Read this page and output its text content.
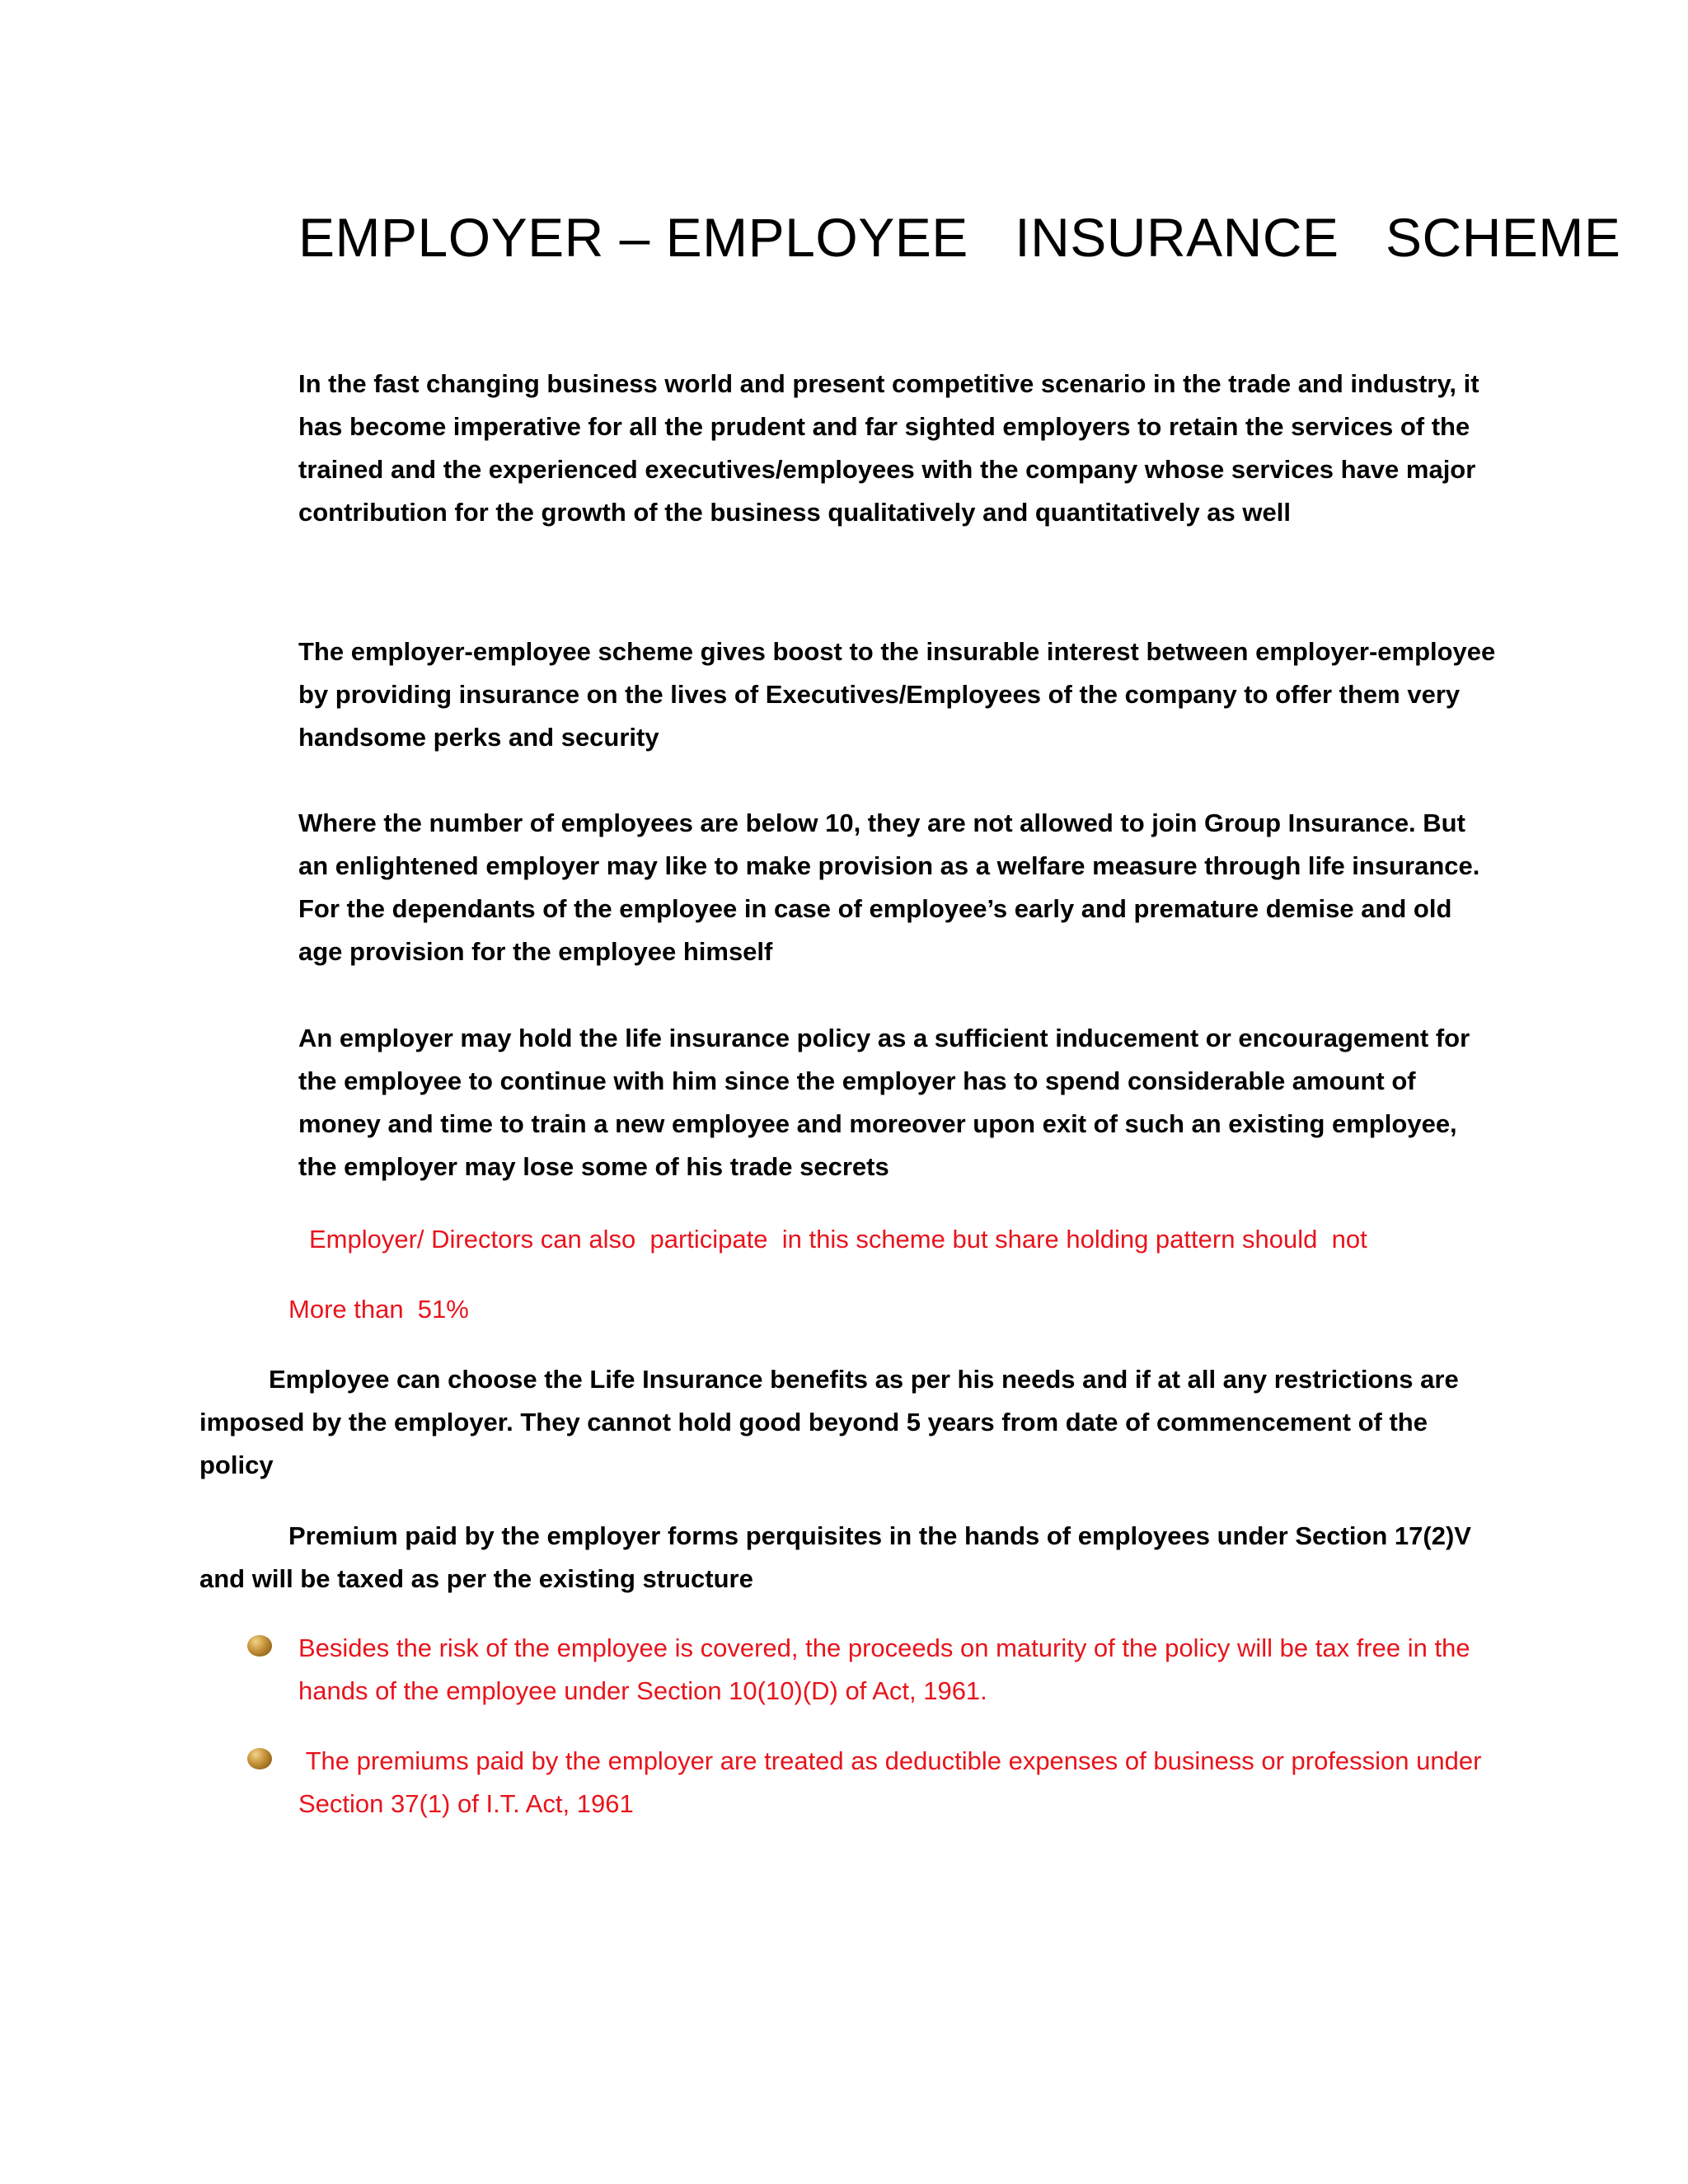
EMPLOYER – EMPLOYEE   INSURANCE   SCHEME

In the fast changing business world and present competitive scenario in the trade and industry, it has become imperative for all the prudent and far sighted employers to retain the services of the trained and the experienced executives/employees with the company whose services have major contribution for the growth of the business qualitatively and quantitatively as well

The employer-employee scheme gives boost to the insurable interest between employer-employee by providing insurance on the lives of Executives/Employees of the company to offer them very handsome perks and security

Where the number of employees are below 10, they are not allowed to join Group Insurance. But an enlightened employer may like to make provision as a welfare measure through life insurance. For the dependants of the employee in case of employee’s early and premature demise and old age provision for the employee himself

An employer may hold the life insurance policy as a sufficient inducement or encouragement for the employee to continue with him since the employer has to spend considerable amount of money and time to train a new employee and moreover upon exit of such an existing employee, the employer may lose some of his trade secrets

Employer/ Directors can also  participate  in this scheme but share holding pattern should  not

More than  51%

Employee can choose the Life Insurance benefits as per his needs and if at all any restrictions are imposed by the employer. They cannot hold good beyond 5 years from date of commencement of the policy

Premium paid by the employer forms perquisites in the hands of employees under Section 17(2)V and will be taxed as per the existing structure

Besides the risk of the employee is covered, the proceeds on maturity of the policy will be tax free in the hands of the employee under Section 10(10)(D) of Act, 1961.

The premiums paid by the employer are treated as deductible expenses of business or profession under Section 37(1) of I.T. Act, 1961
